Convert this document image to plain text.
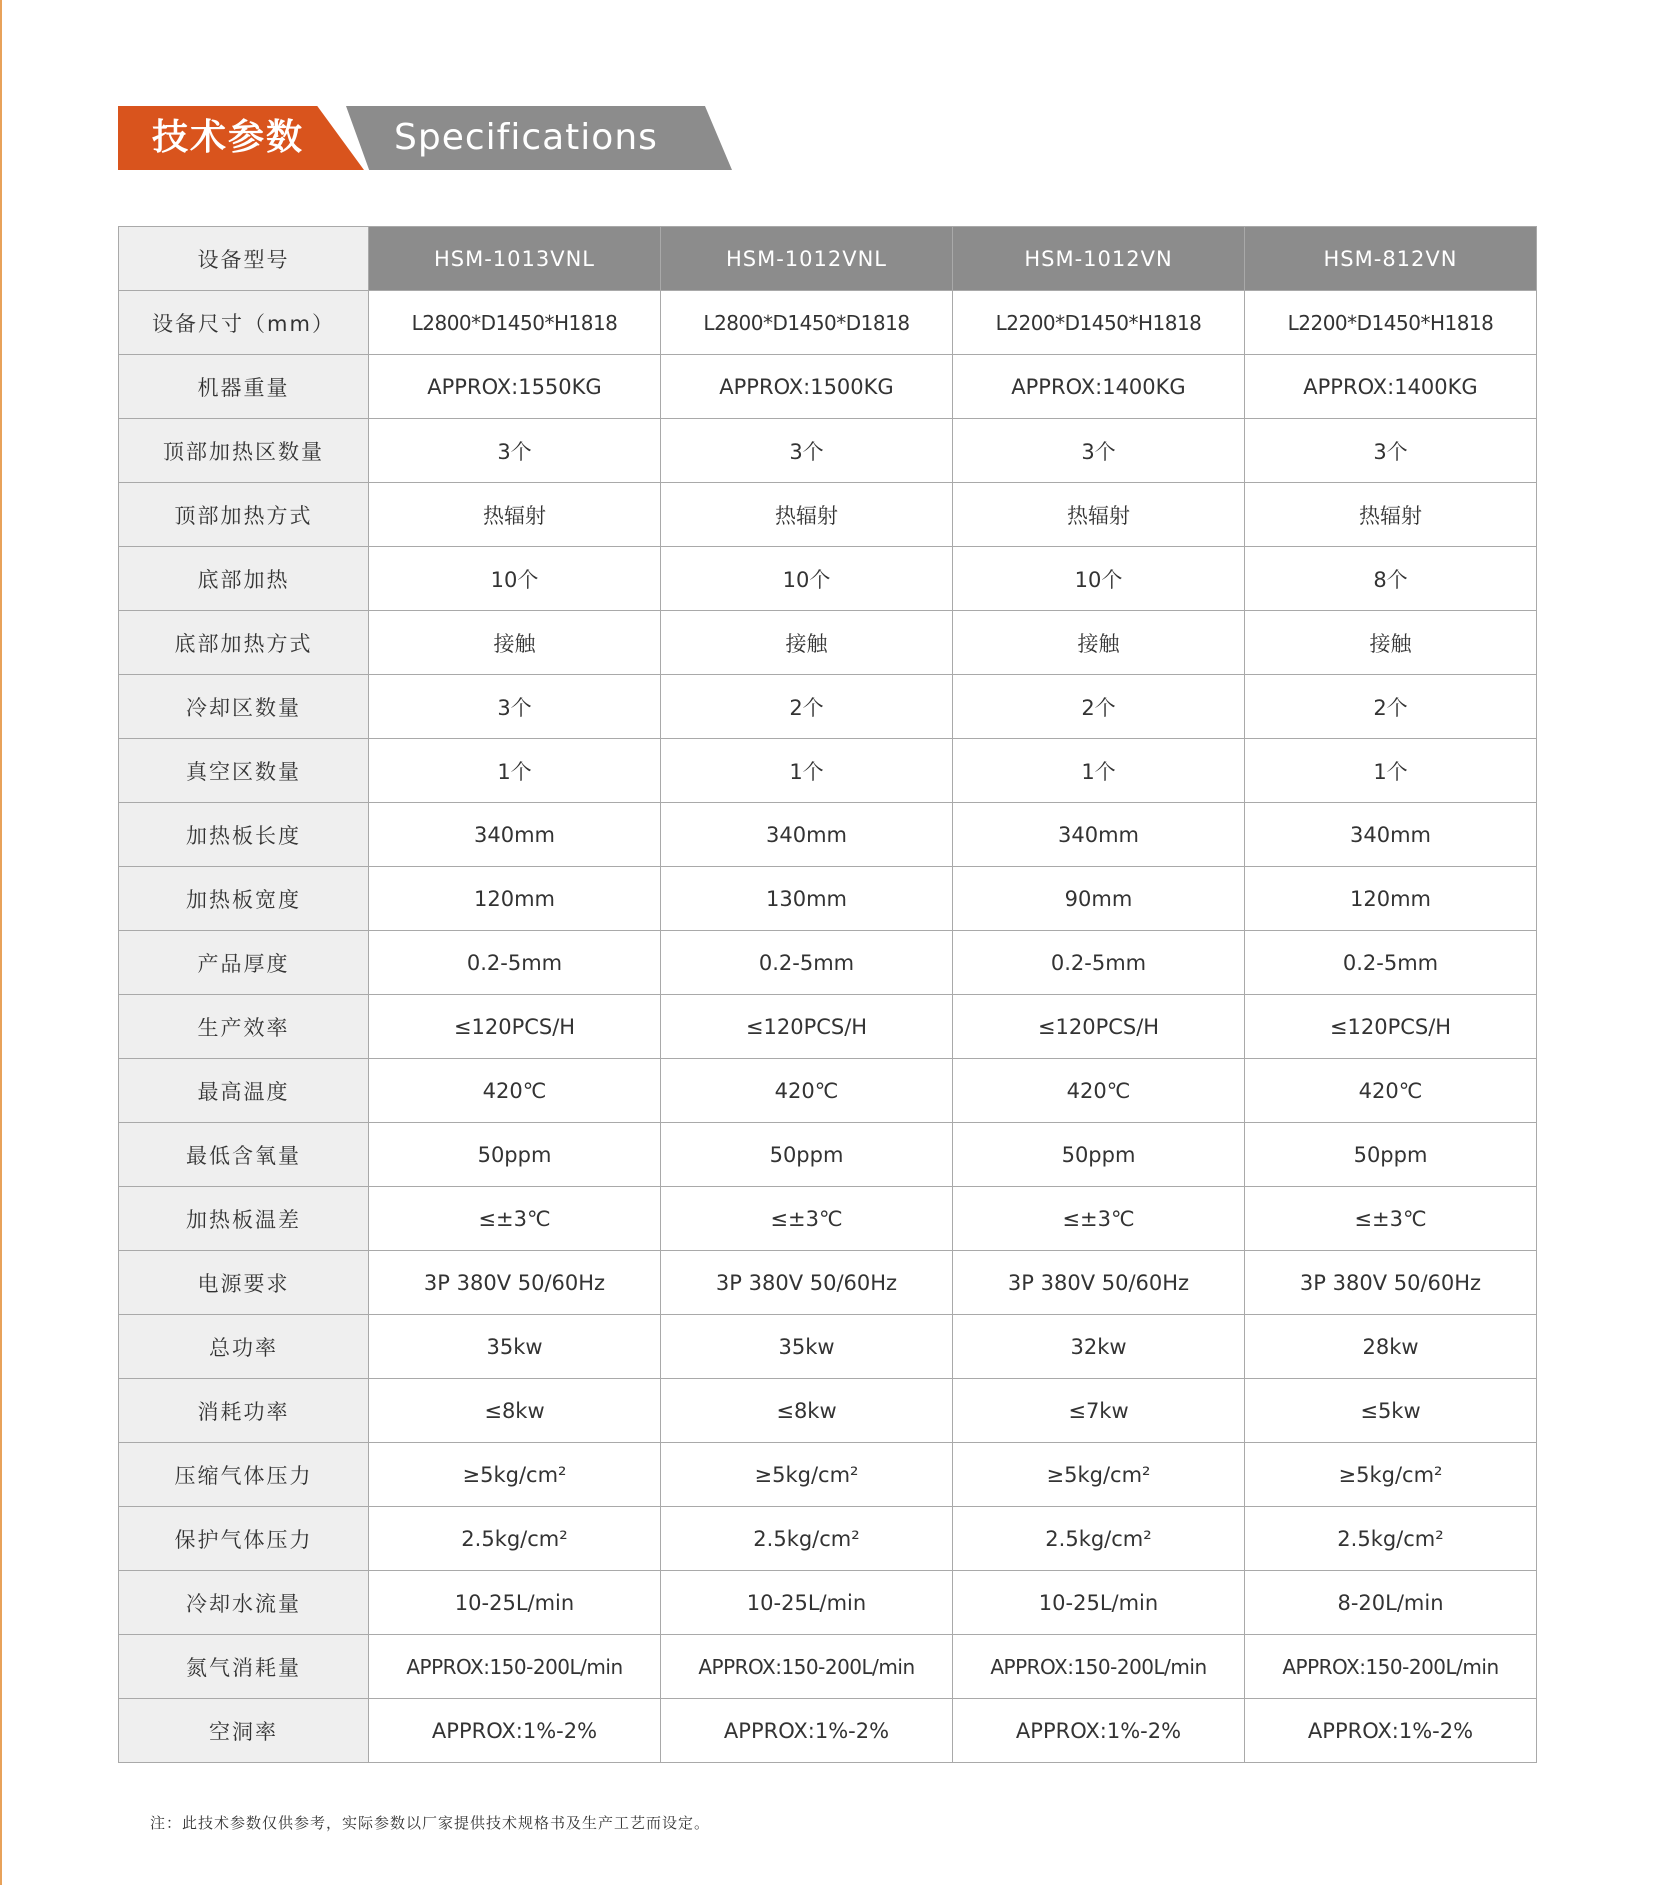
技术参数 Specifications
设备型号	HSM-1013VNL	HSM-1012VNL	HSM-1012VN	HSM-812VN
设备尺寸（mm）	L2800*D1450*H1818	L2800*D1450*D1818	L2200*D1450*H1818	L2200*D1450*H1818
机器重量	APPROX:1550KG	APPROX:1500KG	APPROX:1400KG	APPROX:1400KG
顶部加热区数量	3个	3个	3个	3个
顶部加热方式	热辐射	热辐射	热辐射	热辐射
底部加热	10个	10个	10个	8个
底部加热方式	接触	接触	接触	接触
冷却区数量	3个	2个	2个	2个
真空区数量	1个	1个	1个	1个
加热板长度	340mm	340mm	340mm	340mm
加热板宽度	120mm	130mm	90mm	120mm
产品厚度	0.2-5mm	0.2-5mm	0.2-5mm	0.2-5mm
生产效率	≤120PCS/H	≤120PCS/H	≤120PCS/H	≤120PCS/H
最高温度	420℃	420℃	420℃	420℃
最低含氧量	50ppm	50ppm	50ppm	50ppm
加热板温差	≤±3℃	≤±3℃	≤±3℃	≤±3℃
电源要求	3P 380V 50/60Hz	3P 380V 50/60Hz	3P 380V 50/60Hz	3P 380V 50/60Hz
总功率	35kw	35kw	32kw	28kw
消耗功率	≤8kw	≤8kw	≤7kw	≤5kw
压缩气体压力	≥5kg/cm²	≥5kg/cm²	≥5kg/cm²	≥5kg/cm²
保护气体压力	2.5kg/cm²	2.5kg/cm²	2.5kg/cm²	2.5kg/cm²
冷却水流量	10-25L/min	10-25L/min	10-25L/min	8-20L/min
氮气消耗量	APPROX:150-200L/min	APPROX:150-200L/min	APPROX:150-200L/min	APPROX:150-200L/min
空洞率	APPROX:1%-2%	APPROX:1%-2%	APPROX:1%-2%	APPROX:1%-2%
注：此技术参数仅供参考，实际参数以厂家提供技术规格书及生产工艺而设定。
